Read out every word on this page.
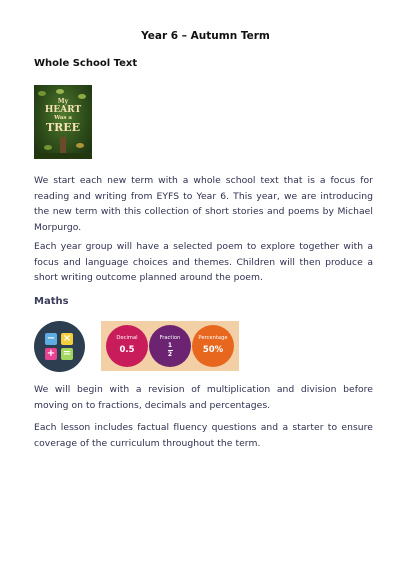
Year 6 – Autumn Term
Whole School Text
My
HEART
Was a
TREE
We start each new term with a whole school text that is a focus for reading and writing from EYFS to Year 6. This year, we are introducing the new term with this collection of short stories and poems by Michael Morpurgo.
Each year group will have a selected poem to explore together with a focus and language choices and themes. Children will then produce a short writing outcome planned around the poem.
Maths
− ×
+ =
Decimal
0.5
Fraction
1
2
Percentage
50%
We will begin with a revision of multiplication and division before moving on to fractions, decimals and percentages.
Each lesson includes factual fluency questions and a starter to ensure coverage of the curriculum throughout the term.
